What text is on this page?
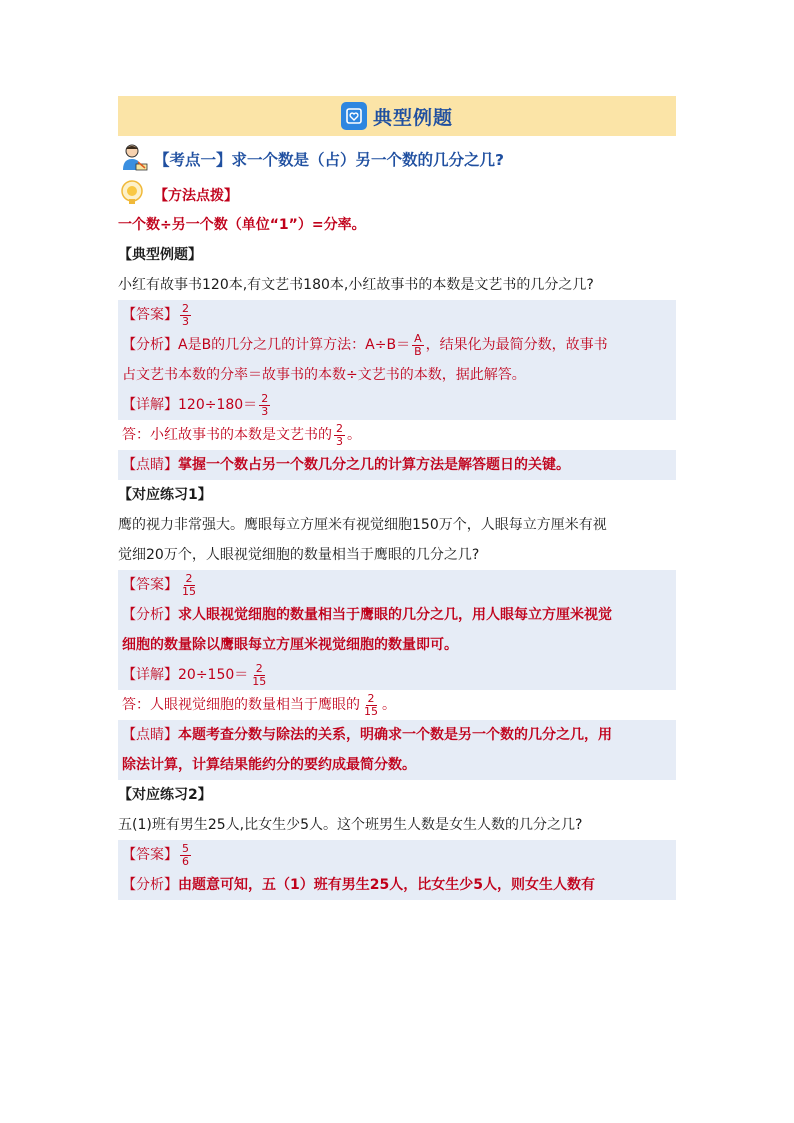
典型例题
【考点一】求一个数是（占）另一个数的几分之几?
【方法点拨】
一个数÷另一个数（单位“1”）=分率。
【典型例题】
小红有故事书120本,有文艺书180本,小红故事书的本数是文艺书的几分之几?
【答案】 $\frac{2}{3}$
【分析】A是B的几分之几的计算方法：$A\div B= \frac{A}{B}$ ，结果化为最简分数，故事书
占文艺书本数的分率＝故事书的本数÷文艺书的本数，据此解答。
【详解】$120\div 180= \frac{2}{3}$
答：小红故事书的本数是文艺书的 $\frac{2}{3}$ 。
【点睛】掌握一个数占另一个数几分之几的计算方法是解答题日的关键。
【对应练习1】
鹰的视力非常强大。鹰眼每立方厘米有视觉细胞150万个，人眼每立方厘米有视
觉细20万个，人眼视觉细胞的数量相当于鹰眼的几分之几?
【答案】 $\frac{2}{15}$
【分析】求人眼视觉细胞的数量相当于鹰眼的几分之几，用人眼每立方厘米视觉
细胞的数量除以鹰眼每立方厘米视觉细胞的数量即可。
【详解】$20\div 150= \frac{2}{15}$
答：人眼视觉细胞的数量相当于鹰眼的 $\frac{2}{15}$ 。
【点睛】本题考查分数与除法的关系，明确求一个数是另一个数的几分之几，用
除法计算，计算结果能约分的要约成最简分数。
【对应练习2】
五(1)班有男生25人,比女生少5人。这个班男生人数是女生人数的几分之几?
【答案】 $\frac{5}{6}$
【分析】由题意可知，五（1）班有男生25人，比女生少5人，则女生人数有
